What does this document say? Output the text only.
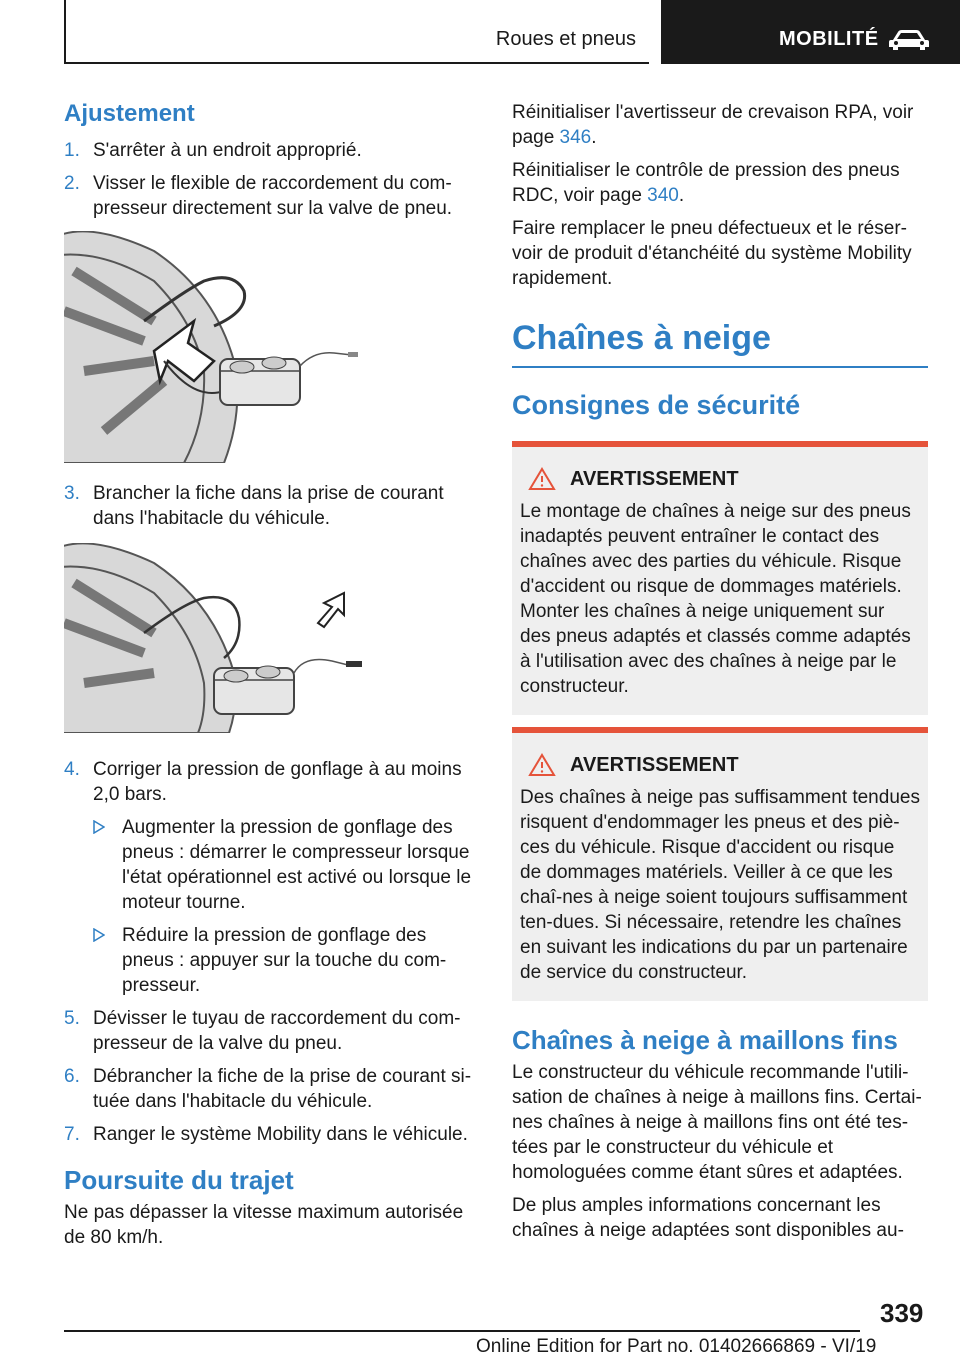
Roues et pneus	MOBILITÉ
Ajustement
1. S'arrêter à un endroit approprié.
2. Visser le flexible de raccordement du com‐presseur directement sur la valve de pneu.
3. Brancher la fiche dans la prise de courant dans l'habitacle du véhicule.
4. Corriger la pression de gonflage à au moins 2,0 bars.
Augmenter la pression de gonflage des pneus : démarrer le compresseur lorsque l'état opérationnel est activé ou lorsque le moteur tourne.
Réduire la pression de gonflage des pneus : appuyer sur la touche du com‐presseur.
5. Dévisser le tuyau de raccordement du com‐presseur de la valve du pneu.
6. Débrancher la fiche de la prise de courant si‐tuée dans l'habitacle du véhicule.
7. Ranger le système Mobility dans le véhicule.
Poursuite du trajet

Ne pas dépasser la vitesse maximum autorisée de 80 km/h.

Réinitialiser l'avertisseur de crevaison RPA, voir page 346.

Réinitialiser le contrôle de pression des pneus RDC, voir page 340.

Faire remplacer le pneu défectueux et le réser‐voir de produit d'étanchéité du système Mobility rapidement.

Chaînes à neige
Consignes de sécurité
AVERTISSEMENT

Le montage de chaînes à neige sur des pneus inadaptés peuvent entraîner le contact des chaînes avec des parties du véhicule. Risque d'accident ou risque de dommages matériels. Monter les chaînes à neige uniquement sur des pneus adaptés et classés comme adaptés à l'utilisation avec des chaînes à neige par le constructeur.

AVERTISSEMENT

Des chaînes à neige pas suffisamment tendues risquent d'endommager les pneus et des piè‐ces du véhicule. Risque d'accident ou risque de dommages matériels. Veiller à ce que les chaî‐nes à neige soient toujours suffisamment ten‐dues. Si nécessaire, retendre les chaînes en suivant les indications du par un partenaire de service du constructeur.

Chaînes à neige à maillons fins

Le constructeur du véhicule recommande l'utili‐sation de chaînes à neige à maillons fins. Certai‐nes chaînes à neige à maillons fins ont été tes‐tées par le constructeur du véhicule et homologuées comme étant sûres et adaptées.

De plus amples informations concernant les chaînes à neige adaptées sont disponibles au‐

339
Online Edition for Part no. 01402666869 - VI/19
